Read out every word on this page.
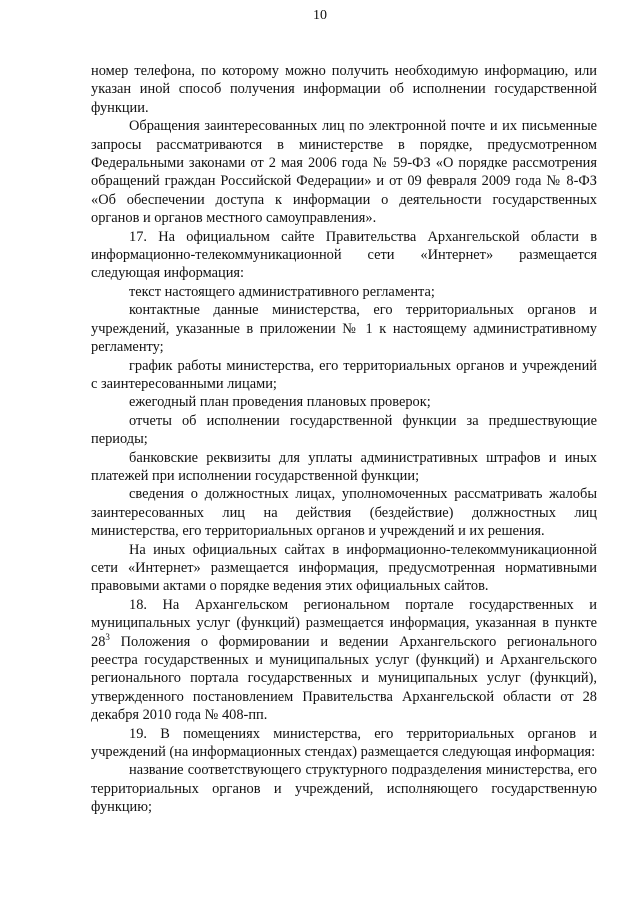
10

номер телефона, по которому можно получить необходимую информацию, или указан иной способ получения информации об исполнении государственной функции.

Обращения заинтересованных лиц по электронной почте и их письменные запросы рассматриваются в министерстве в порядке, предусмотренном Федеральными законами от 2 мая 2006 года № 59-ФЗ «О порядке рассмотрения обращений граждан Российской Федерации» и от 09 февраля 2009 года № 8-ФЗ «Об обеспечении доступа к информации о деятельности государственных органов и органов местного самоуправления».

17. На официальном сайте Правительства Архангельской области в информационно-телекоммуникационной сети «Интернет» размещается следующая информация:

текст настоящего административного регламента;

контактные данные министерства, его территориальных органов и учреждений, указанные в приложении № 1 к настоящему административному регламенту;

график работы министерства, его территориальных органов и учреждений с заинтересованными лицами;

ежегодный план проведения плановых проверок;

отчеты об исполнении государственной функции за предшествующие периоды;

банковские реквизиты для уплаты административных штрафов и иных платежей при исполнении государственной функции;

сведения о должностных лицах, уполномоченных рассматривать жалобы заинтересованных лиц на действия (бездействие) должностных лиц министерства, его территориальных органов и учреждений и их решения.

На иных официальных сайтах в информационно-телекоммуникационной сети «Интернет» размещается информация, предусмотренная нормативными правовыми актами о порядке ведения этих официальных сайтов.

18. На Архангельском региональном портале государственных и муниципальных услуг (функций) размещается информация, указанная в пункте $28^3$ Положения о формировании и ведении Архангельского регионального реестра государственных и муниципальных услуг (функций) и Архангельского регионального портала государственных и муниципальных услуг (функций), утвержденного постановлением Правительства Архангельской области от 28 декабря 2010 года № 408-пп.

19. В помещениях министерства, его территориальных органов и учреждений (на информационных стендах) размещается следующая информация:

название соответствующего структурного подразделения министерства, его территориальных органов и учреждений, исполняющего государственную функцию;
